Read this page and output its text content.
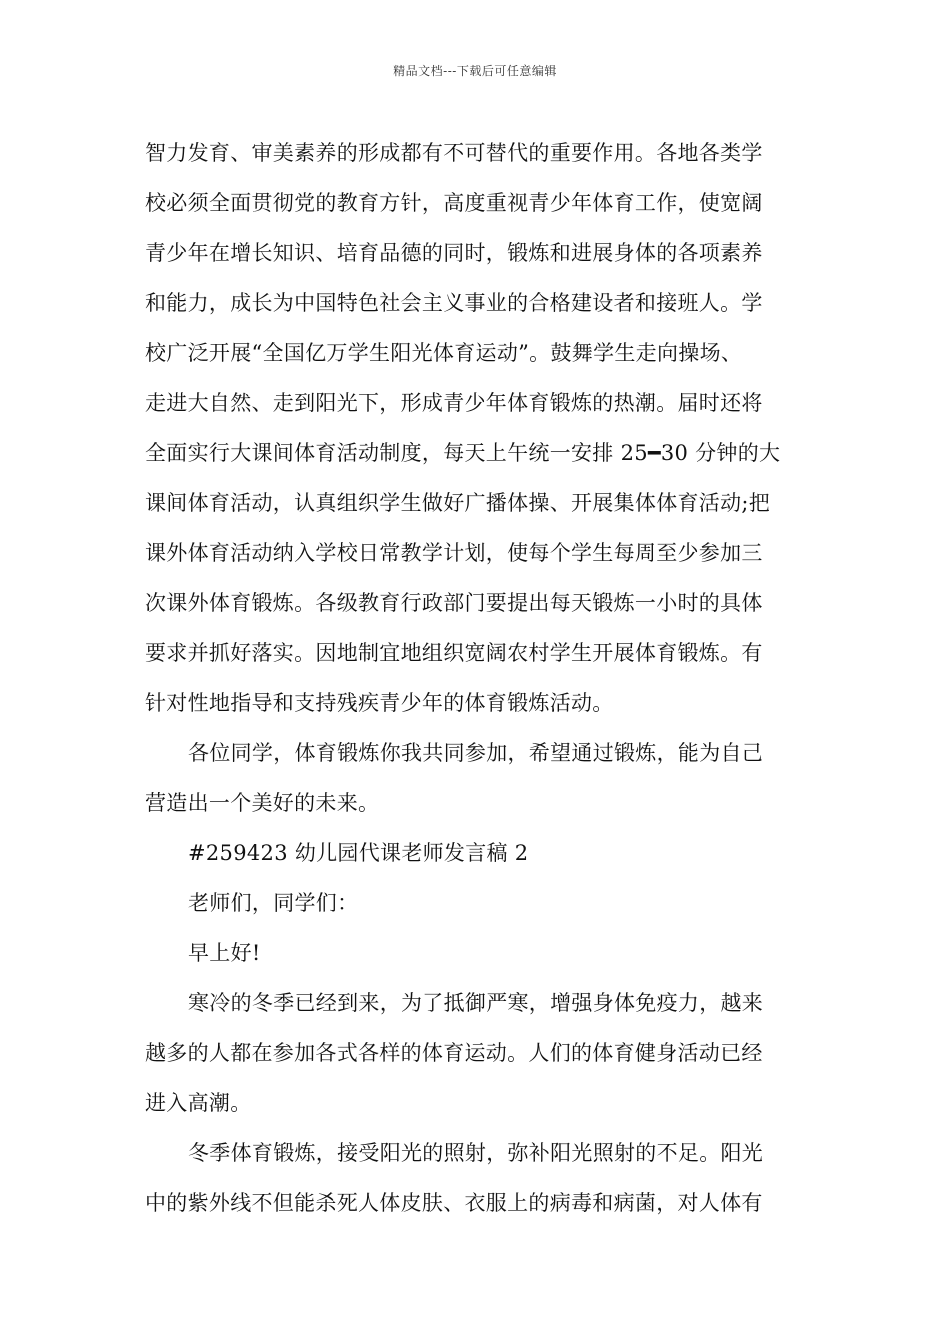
精品文档---下载后可任意编辑
智力发育、审美素养的形成都有不可替代的重要作用。各地各类学
校必须全面贯彻党的教育方针，高度重视青少年体育工作，使宽阔
青少年在增长知识、培育品德的同时，锻炼和进展身体的各项素养
和能力，成长为中国特色社会主义事业的合格建设者和接班人。学
校广泛开展“全国亿万学生阳光体育运动”。鼓舞学生走向操场、
走进大自然、走到阳光下，形成青少年体育锻炼的热潮。届时还将
全面实行大课间体育活动制度，每天上午统一安排 25━30 分钟的大
课间体育活动，认真组织学生做好广播体操、开展集体体育活动;把
课外体育活动纳入学校日常教学计划，使每个学生每周至少参加三
次课外体育锻炼。各级教育行政部门要提出每天锻炼一小时的具体
要求并抓好落实。因地制宜地组织宽阔农村学生开展体育锻炼。有
针对性地指导和支持残疾青少年的体育锻炼活动。
各位同学，体育锻炼你我共同参加，希望通过锻炼，能为自己
营造出一个美好的未来。
#259423 幼儿园代课老师发言稿 2
老师们，同学们：
早上好!
寒冷的冬季已经到来，为了抵御严寒，增强身体免疫力，越来
越多的人都在参加各式各样的体育运动。人们的体育健身活动已经
进入高潮。
冬季体育锻炼，接受阳光的照射，弥补阳光照射的不足。阳光
中的紫外线不但能杀死人体皮肤、衣服上的病毒和病菌，对人体有
